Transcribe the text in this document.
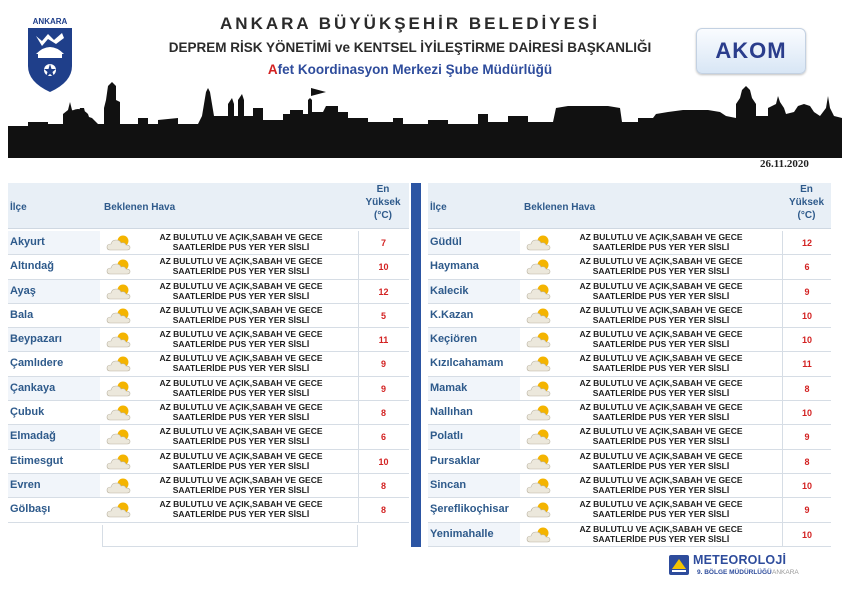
ANKARA	ANKARA BÜYÜKŞEHİR BELEDİYESİ
DEPREM RİSK YÖNETİMİ ve KENTSEL İYİLEŞTİRME DAİRESİ BAŞKANLIĞI
Afet Koordinasyon Merkezi Şube Müdürlüğü
AKOM
26.11.2020
İlçe	Beklenen Hava
En
Yüksek
(°C)
Akyurt	AZ BULUTLU VE AÇIK,SABAH VE GECE
SAATLERİDE PUS YER YER SİSLİ	7
Altındağ	AZ BULUTLU VE AÇIK,SABAH VE GECE
SAATLERİDE PUS YER YER SİSLİ	10
Ayaş	AZ BULUTLU VE AÇIK,SABAH VE GECE
SAATLERİDE PUS YER YER SİSLİ	12
Bala	AZ BULUTLU VE AÇIK,SABAH VE GECE
SAATLERİDE PUS YER YER SİSLİ	5
Beypazarı	AZ BULUTLU VE AÇIK,SABAH VE GECE
SAATLERİDE PUS YER YER SİSLİ	11
Çamlıdere	AZ BULUTLU VE AÇIK,SABAH VE GECE
SAATLERİDE PUS YER YER SİSLİ	9
Çankaya	AZ BULUTLU VE AÇIK,SABAH VE GECE
SAATLERİDE PUS YER YER SİSLİ	9
Çubuk	AZ BULUTLU VE AÇIK,SABAH VE GECE
SAATLERİDE PUS YER YER SİSLİ	8
Elmadağ	AZ BULUTLU VE AÇIK,SABAH VE GECE
SAATLERİDE PUS YER YER SİSLİ	6
Etimesgut	AZ BULUTLU VE AÇIK,SABAH VE GECE
SAATLERİDE PUS YER YER SİSLİ	10
Evren	AZ BULUTLU VE AÇIK,SABAH VE GECE
SAATLERİDE PUS YER YER SİSLİ	8
Gölbaşı	AZ BULUTLU VE AÇIK,SABAH VE GECE
SAATLERİDE PUS YER YER SİSLİ	8
İlçe	Beklenen Hava
En
Yüksek
(°C)
Güdül	AZ BULUTLU VE AÇIK,SABAH VE GECE
SAATLERİDE PUS YER YER SİSLİ	12
Haymana	AZ BULUTLU VE AÇIK,SABAH VE GECE
SAATLERİDE PUS YER YER SİSLİ	6
Kalecik	AZ BULUTLU VE AÇIK,SABAH VE GECE
SAATLERİDE PUS YER YER SİSLİ	9
K.Kazan	AZ BULUTLU VE AÇIK,SABAH VE GECE
SAATLERİDE PUS YER YER SİSLİ	10
Keçiören	AZ BULUTLU VE AÇIK,SABAH VE GECE
SAATLERİDE PUS YER YER SİSLİ	10
Kızılcahamam	AZ BULUTLU VE AÇIK,SABAH VE GECE
SAATLERİDE PUS YER YER SİSLİ	11
Mamak	AZ BULUTLU VE AÇIK,SABAH VE GECE
SAATLERİDE PUS YER YER SİSLİ	8
Nallıhan	AZ BULUTLU VE AÇIK,SABAH VE GECE
SAATLERİDE PUS YER YER SİSLİ	10
Polatlı	AZ BULUTLU VE AÇIK,SABAH VE GECE
SAATLERİDE PUS YER YER SİSLİ	9
Pursaklar	AZ BULUTLU VE AÇIK,SABAH VE GECE
SAATLERİDE PUS YER YER SİSLİ	8
Sincan	AZ BULUTLU VE AÇIK,SABAH VE GECE
SAATLERİDE PUS YER YER SİSLİ	10
Şereflikoçhisar	AZ BULUTLU VE AÇIK,SABAH VE GECE
SAATLERİDE PUS YER YER SİSLİ	9
Yenimahalle	AZ BULUTLU VE AÇIK,SABAH VE GECE
SAATLERİDE PUS YER YER SİSLİ	10
METEOROLOJİ
9. BÖLGE MÜDÜRLÜĞÜ ANKARA
